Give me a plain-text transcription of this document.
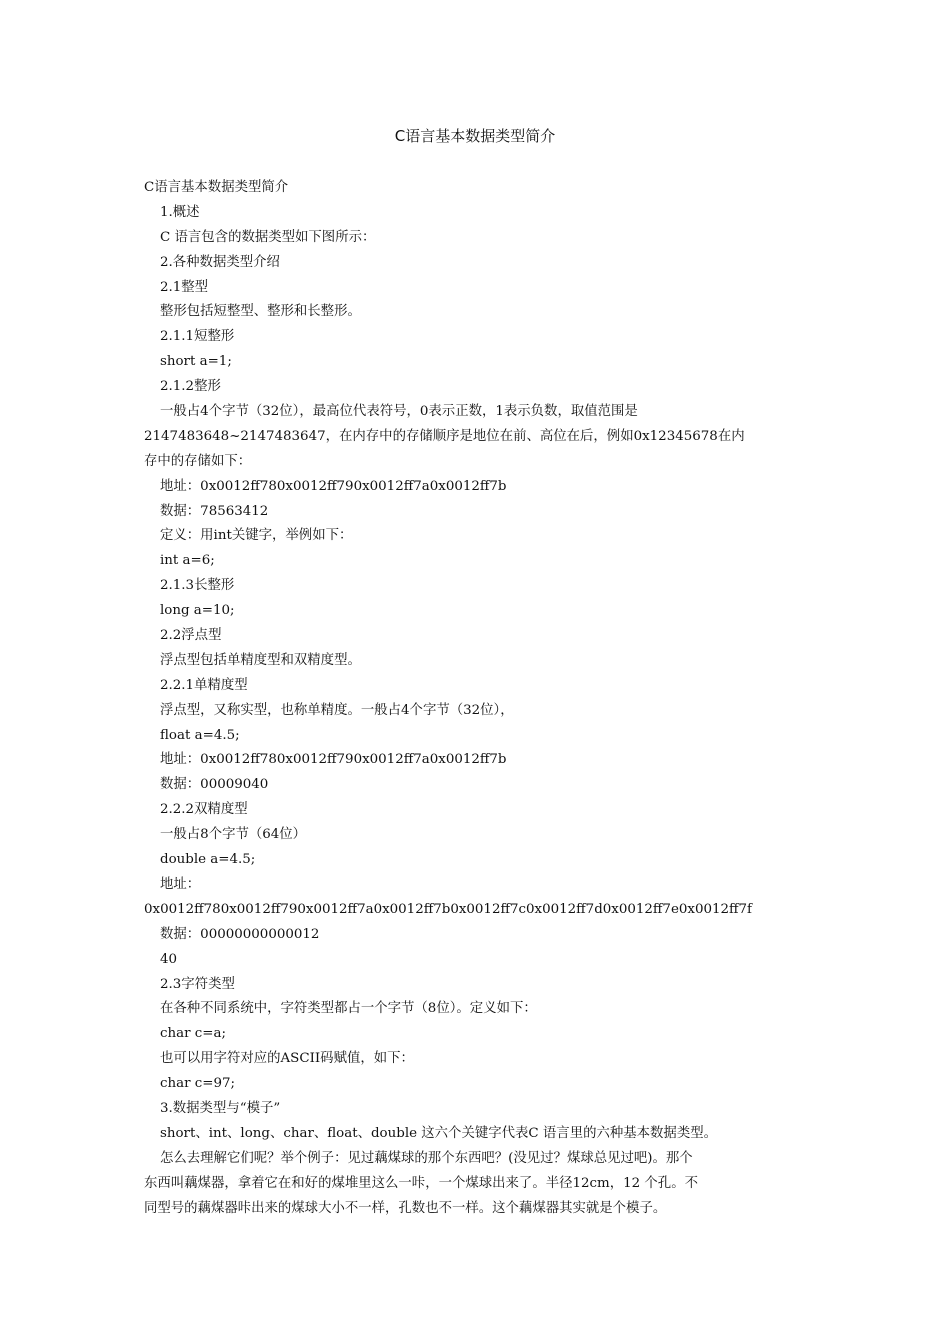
C语言基本数据类型简介
C语言基本数据类型简介
1.概述
C 语言包含的数据类型如下图所示：
2.各种数据类型介绍
2.1整型
整形包括短整型、整形和长整形。
2.1.1短整形
short a=1;
2.1.2整形
一般占4个字节（32位），最高位代表符号，0表示正数，1表示负数，取值范围是
2147483648~2147483647，在内存中的存储顺序是地位在前、高位在后，例如0x12345678在内
存中的存储如下：
地址：0x0012ff780x0012ff790x0012ff7a0x0012ff7b
数据：78563412
定义：用int关键字，举例如下：
int a=6;
2.1.3长整形
long a=10;
2.2浮点型
浮点型包括单精度型和双精度型。
2.2.1单精度型
浮点型，又称实型，也称单精度。一般占4个字节（32位），
float a=4.5;
地址：0x0012ff780x0012ff790x0012ff7a0x0012ff7b
数据：00009040
2.2.2双精度型
一般占8个字节（64位）
double a=4.5;
地址：
0x0012ff780x0012ff790x0012ff7a0x0012ff7b0x0012ff7c0x0012ff7d0x0012ff7e0x0012ff7f
数据：00000000000012
40
2.3字符类型
在各种不同系统中，字符类型都占一个字节（8位）。定义如下：
char c=a;
也可以用字符对应的ASCII码赋值，如下：
char c=97;
3.数据类型与“模子”
short、int、long、char、float、double 这六个关键字代表C 语言里的六种基本数据类型。
怎么去理解它们呢？举个例子：见过藕煤球的那个东西吧？(没见过？煤球总见过吧)。那个
东西叫藕煤器，拿着它在和好的煤堆里这么一咔，一个煤球出来了。半径12cm，12 个孔。不
同型号的藕煤器咔出来的煤球大小不一样，孔数也不一样。这个藕煤器其实就是个模子。
